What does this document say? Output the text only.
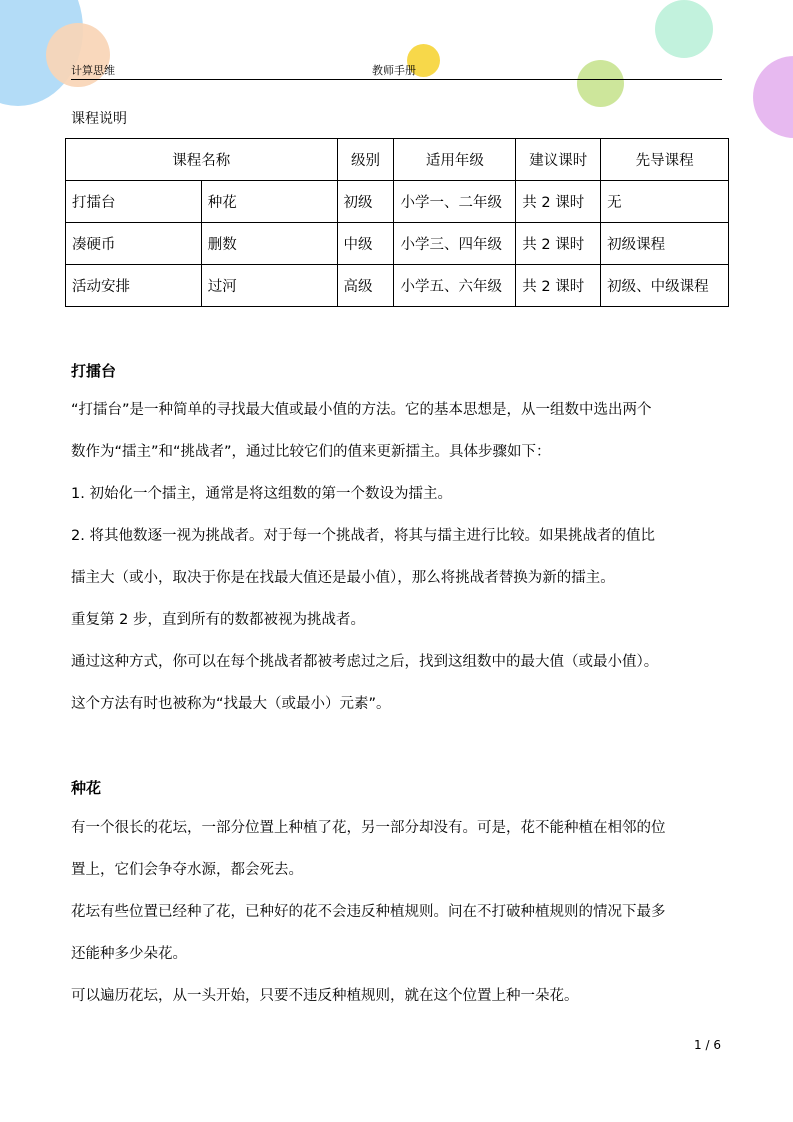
计算思维	教师手册
课程说明
课程名称		级别	适用年级	建议课时	先导课程
打擂台	种花	初级	小学一、二年级	共 2 课时	无
凑硬币	删数	中级	小学三、四年级	共 2 课时	初级课程
活动安排	过河	高级	小学五、六年级	共 2 课时	初级、中级课程
打擂台
“打擂台”是一种简单的寻找最大值或最小值的方法。它的基本思想是，从一组数中选出两个
数作为“擂主”和“挑战者”，通过比较它们的值来更新擂主。具体步骤如下：
1. 初始化一个擂主，通常是将这组数的第一个数设为擂主。
2. 将其他数逐一视为挑战者。对于每一个挑战者，将其与擂主进行比较。如果挑战者的值比
擂主大（或小，取决于你是在找最大值还是最小值），那么将挑战者替换为新的擂主。
重复第 2 步，直到所有的数都被视为挑战者。
通过这种方式，你可以在每个挑战者都被考虑过之后，找到这组数中的最大值（或最小值）。
这个方法有时也被称为“找最大（或最小）元素”。
种花
有一个很长的花坛，一部分位置上种植了花，另一部分却没有。可是，花不能种植在相邻的位
置上，它们会争夺水源，都会死去。
花坛有些位置已经种了花，已种好的花不会违反种植规则。问在不打破种植规则的情况下最多
还能种多少朵花。
可以遍历花坛，从一头开始，只要不违反种植规则，就在这个位置上种一朵花。
1 / 6
